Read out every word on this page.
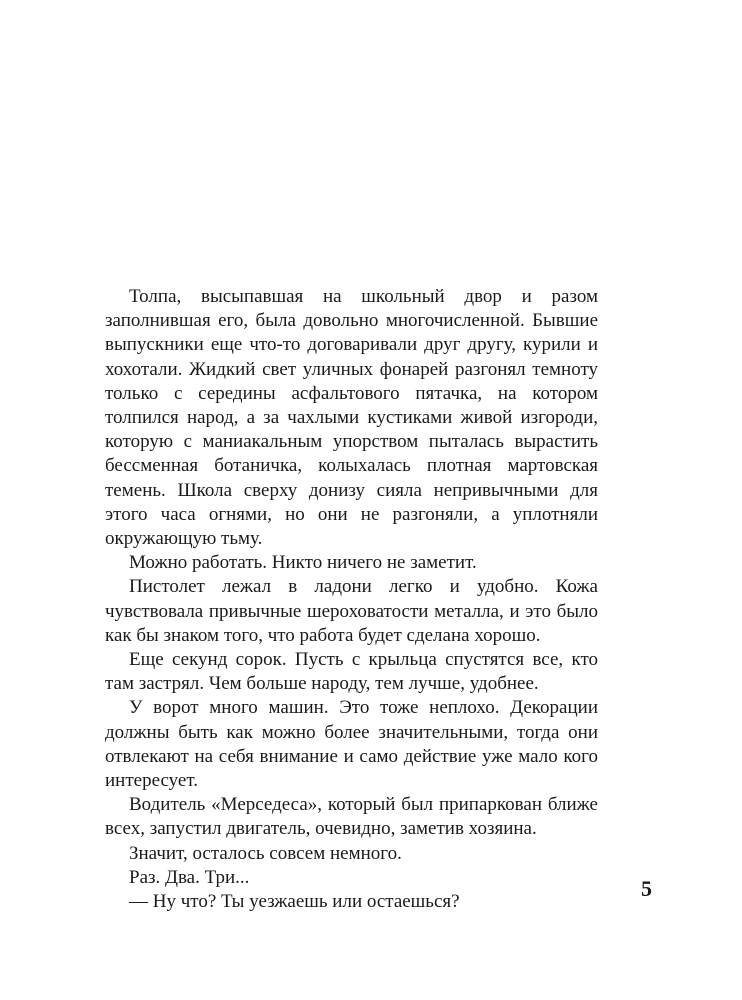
Толпа, высыпавшая на школьный двор и разом заполнившая его, была довольно многочисленной. Бывшие выпускники еще что-то договаривали друг другу, курили и хохотали. Жидкий свет уличных фонарей разгонял темноту только с середины асфальтового пятачка, на котором толпился народ, а за чахлыми кустиками живой изгороди, которую с маниакальным упорством пыталась вырастить бессменная ботаничка, колыхалась плотная мартовская темень. Школа сверху донизу сияла непривычными для этого часа огнями, но они не разгоняли, а уплотняли окружающую тьму.

Можно работать. Никто ничего не заметит.

Пистолет лежал в ладони легко и удобно. Кожа чувствовала привычные шероховатости металла, и это было как бы знаком того, что работа будет сделана хорошо.

Еще секунд сорок. Пусть с крыльца спустятся все, кто там застрял. Чем больше народу, тем лучше, удобнее.

У ворот много машин. Это тоже неплохо. Декорации должны быть как можно более значительными, тогда они отвлекают на себя внимание и само действие уже мало кого интересует.

Водитель «Мерседеса», который был припаркован ближе всех, запустил двигатель, очевидно, заметив хозяина.

Значит, осталось совсем немного.

Раз. Два. Три...

— Ну что? Ты уезжаешь или остаешься?

5
